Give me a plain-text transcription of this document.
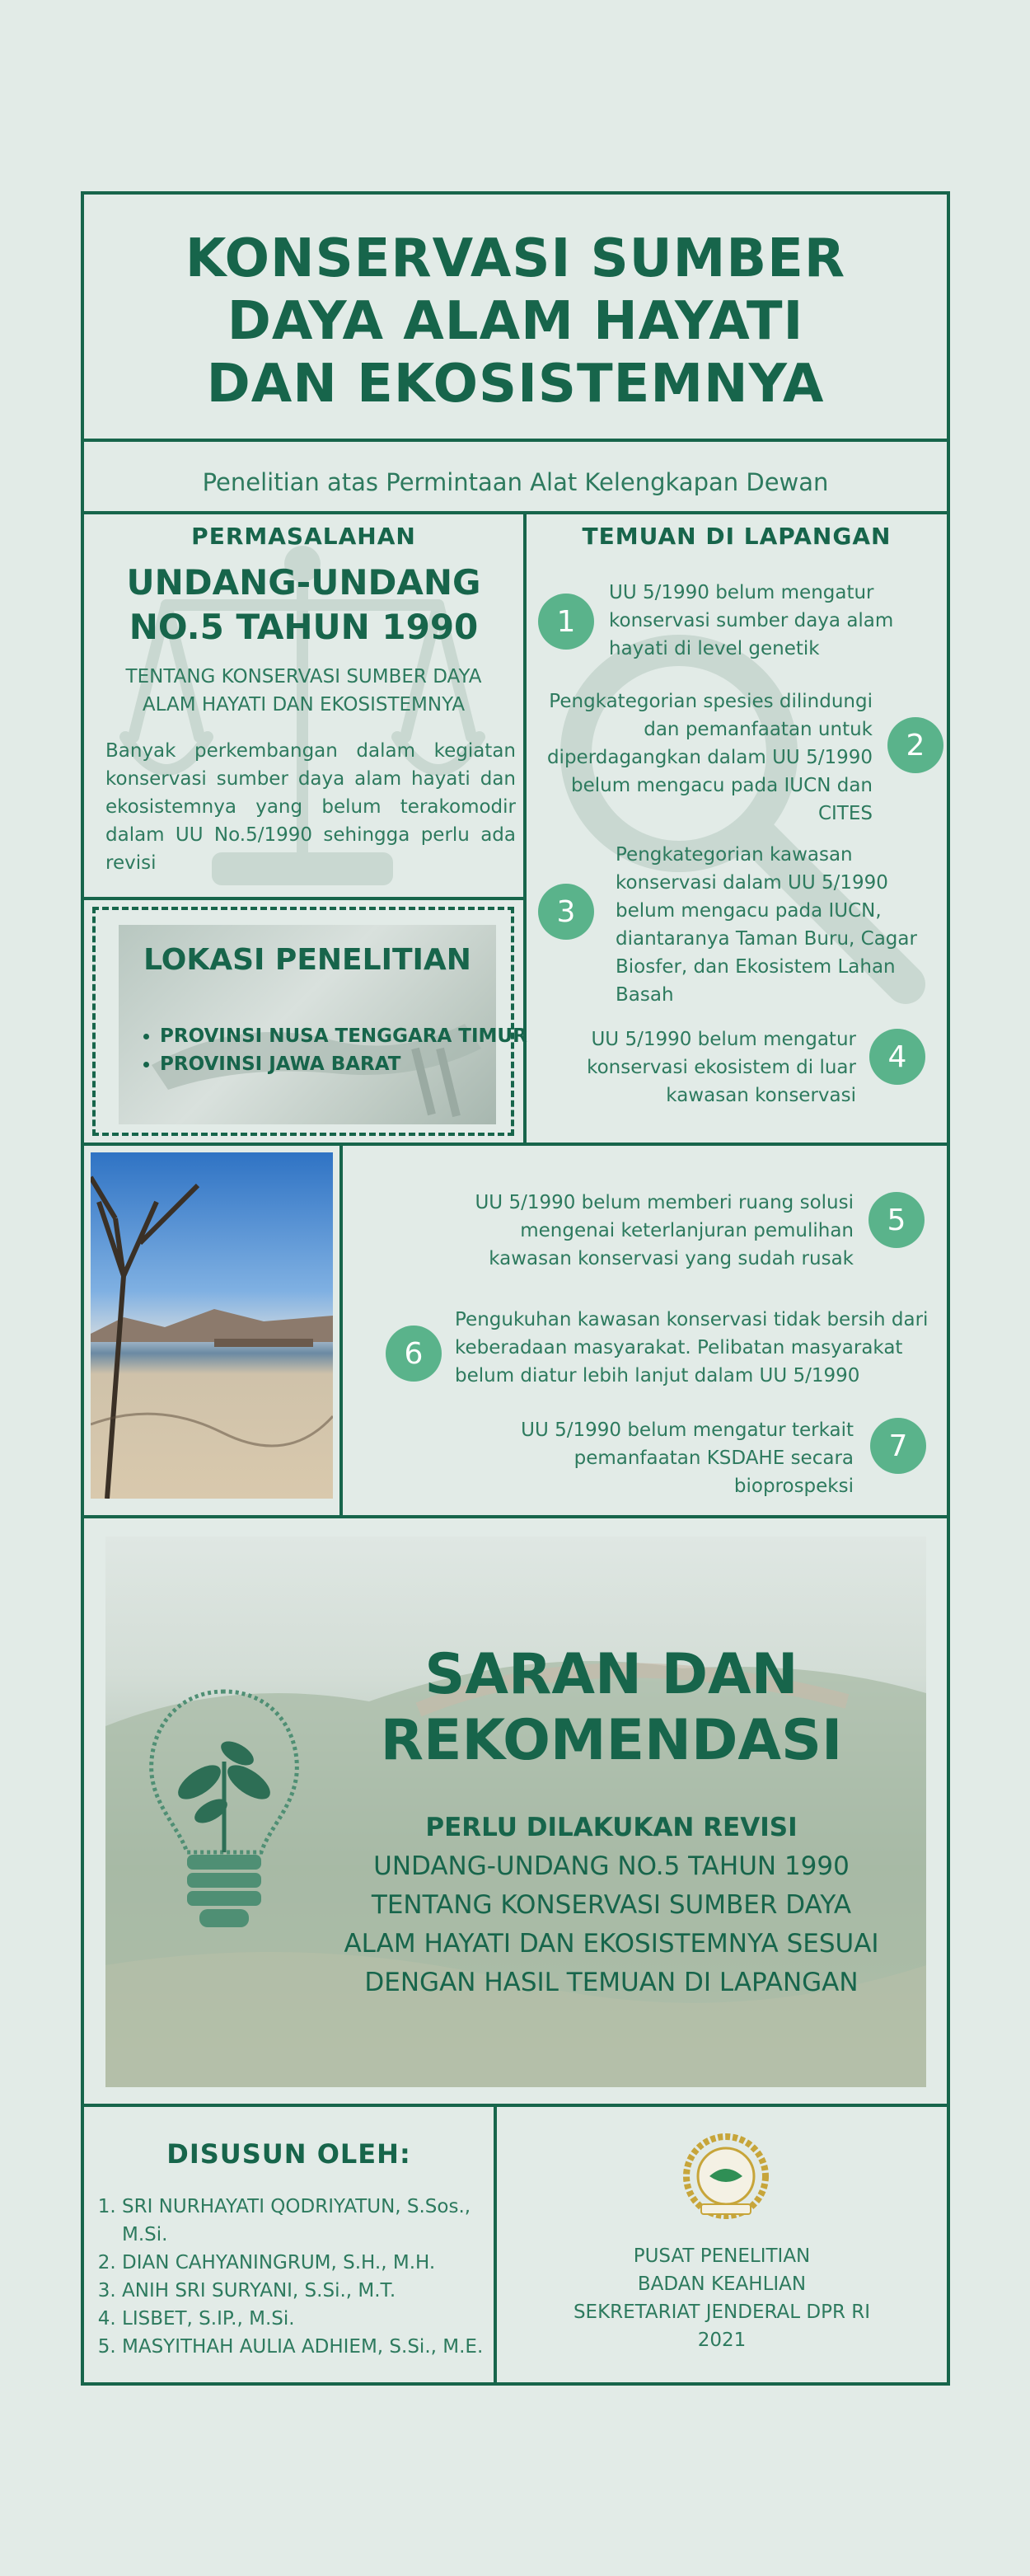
KONSERVASI SUMBER
DAYA ALAM HAYATI
DAN EKOSISTEMNYA
Penelitian atas Permintaan Alat Kelengkapan Dewan
PERMASALAHAN
UNDANG-UNDANG
NO.5 TAHUN 1990
TENTANG KONSERVASI SUMBER DAYA
ALAM HAYATI DAN EKOSISTEMNYA
Banyak perkembangan dalam kegiatan konservasi sumber daya alam hayati dan ekosistemnya yang belum terakomodir dalam UU No.5/1990 sehingga perlu ada revisi
LOKASI PENELITIAN
• PROVINSI NUSA TENGGARA TIMUR
• PROVINSI JAWA BARAT
TEMUAN DI LAPANGAN
1
UU 5/1990 belum mengatur konservasi sumber daya alam hayati di level genetik
2
Pengkategorian spesies dilindungi dan pemanfaatan untuk diperdagangkan dalam UU 5/1990 belum mengacu pada IUCN dan CITES
3
Pengkategorian kawasan konservasi dalam UU 5/1990 belum mengacu pada IUCN, diantaranya Taman Buru, Cagar Biosfer, dan Ekosistem Lahan Basah
4
UU 5/1990 belum mengatur konservasi ekosistem di luar kawasan konservasi
5
UU 5/1990 belum memberi ruang solusi mengenai keterlanjuran pemulihan kawasan konservasi yang sudah rusak
6
Pengukuhan kawasan konservasi tidak bersih dari keberadaan masyarakat. Pelibatan masyarakat belum diatur lebih lanjut dalam UU 5/1990
7
UU 5/1990 belum mengatur terkait pemanfaatan KSDAHE secara bioprospeksi
SARAN DAN
REKOMENDASI
PERLU DILAKUKAN REVISI
UNDANG-UNDANG NO.5 TAHUN 1990
TENTANG KONSERVASI SUMBER DAYA
ALAM HAYATI DAN EKOSISTEMNYA SESUAI
DENGAN HASIL TEMUAN DI LAPANGAN
DISUSUN OLEH:
1. SRI NURHAYATI QODRIYATUN, S.Sos., M.Si.
2. DIAN CAHYANINGRUM, S.H., M.H.
3. ANIH SRI SURYANI, S.Si., M.T.
4. LISBET, S.IP., M.Si.
5. MASYITHAH AULIA ADHIEM, S.Si., M.E.
PUSAT PENELITIAN
BADAN KEAHLIAN
SEKRETARIAT JENDERAL DPR RI
2021
